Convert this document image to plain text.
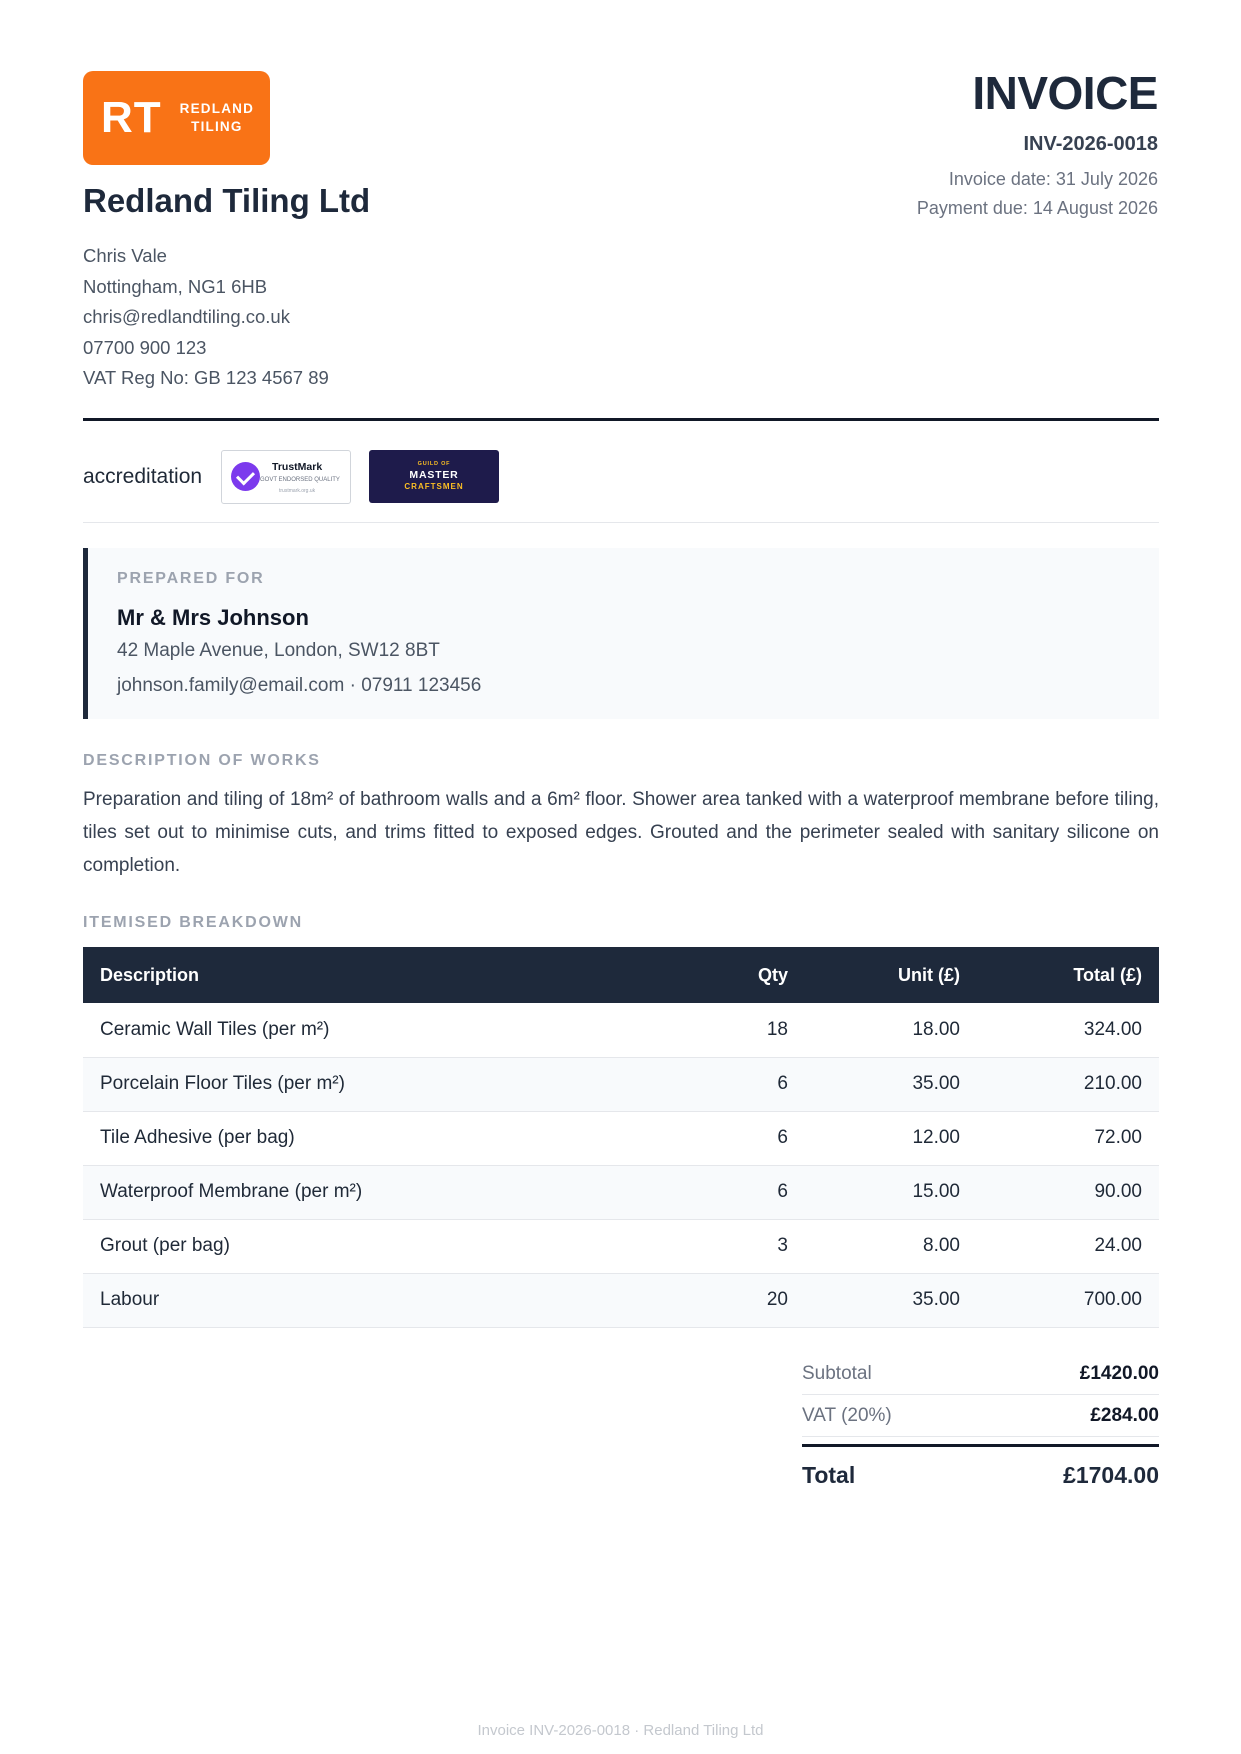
RT REDLAND
TILING
Redland Tiling Ltd
Chris Vale
Nottingham, NG1 6HB
chris@redlandtiling.co.uk
07700 900 123
VAT Reg No: GB 123 4567 89
INVOICE
INV-2026-0018
Invoice date: 31 July 2026
Payment due: 14 August 2026
accreditation	TrustMark
GOVT ENDORSED QUALITY
trustmark.org.uk
GUILD OF
MASTER
CRAFTSMEN
PREPARED FOR
Mr & Mrs Johnson
42 Maple Avenue, London, SW12 8BT
johnson.family@email.com · 07911 123456
DESCRIPTION OF WORKS
Preparation and tiling of 18m² of bathroom walls and a 6m² floor. Shower area tanked with a waterproof membrane before tiling, tiles set out to minimise cuts, and trims fitted to exposed edges. Grouted and the perimeter sealed with sanitary silicone on completion.
ITEMISED BREAKDOWN
Description	Qty	Unit (£)	Total (£)
Ceramic Wall Tiles (per m²)	18	18.00	324.00
Porcelain Floor Tiles (per m²)	6	35.00	210.00
Tile Adhesive (per bag)	6	12.00	72.00
Waterproof Membrane (per m²)	6	15.00	90.00
Grout (per bag)	3	8.00	24.00
Labour	20	35.00	700.00
Subtotal	£1420.00
VAT (20%)	£284.00
Total	£1704.00
Invoice INV-2026-0018 · Redland Tiling Ltd
